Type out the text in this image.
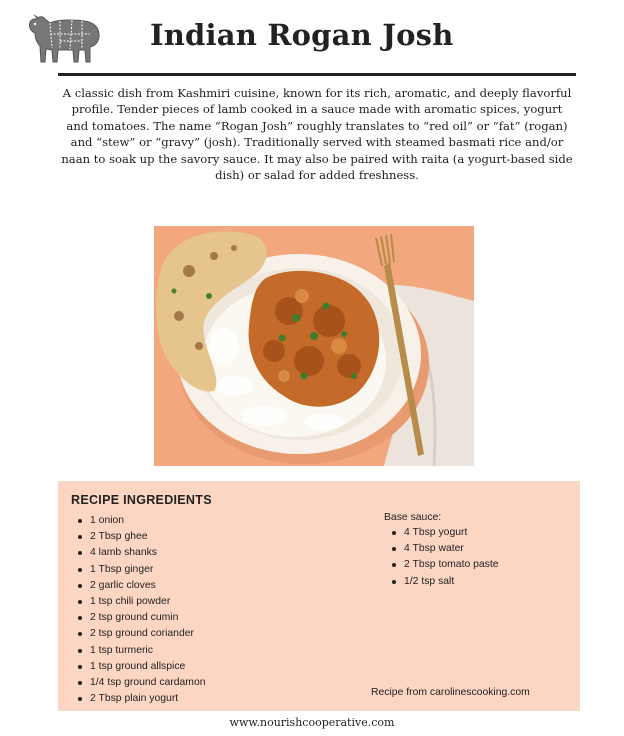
Indian Rogan Josh
A classic dish from Kashmiri cuisine, known for its rich, aromatic, and deeply flavorful profile. Tender pieces of lamb cooked in a sauce made with aromatic spices, yogurt and tomatoes. The name “Rogan Josh” roughly translates to “red oil” or “fat” (rogan) and “stew” or “gravy” (josh). Traditionally served with steamed basmati rice and/or naan to soak up the savory sauce. It may also be paired with raita (a yogurt-based side dish) or salad for added freshness.
RECIPE INGREDIENTS
1 onion
2 Tbsp ghee
4 lamb shanks
1 Tbsp ginger
2 garlic cloves
1 tsp chili powder
2 tsp ground cumin
2 tsp ground coriander
1 tsp turmeric
1 tsp ground allspice
1/4 tsp ground cardamon
2 Tbsp plain yogurt
Base sauce:
4 Tbsp yogurt
4 Tbsp water
2 Tbsp tomato paste
1/2 tsp salt
Recipe from carolinescooking.com
www.nourishcooperative.com
